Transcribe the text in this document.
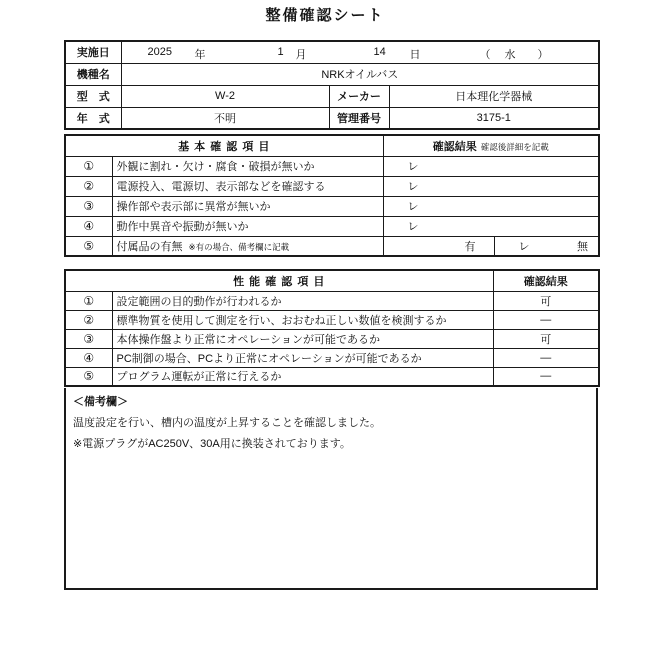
整備確認シート
実施日	2025 年	1 月	14 日	（ 水 ）

機種名	NRKオイルバス		
型　式	W-2	メーカー	日本理化学器械
年　式	不明	管理番号	3175-1
基 本 確 認 項 目		確認結果 確認後詳細を記載	
①	外観に割れ・欠け・腐食・破損が無いか	レ	
②	電源投入、電源切、表示部などを確認する	レ	
③	操作部や表示部に異常が無いか	レ	
④	動作中異音や振動が無いか	レ	
⑤	付属品の有無 ※有の場合、備考欄に記載	有	レ 無
性 能 確 認 項 目		確認結果
①	設定範囲の目的動作が行われるか	可
②	標準物質を使用して測定を行い、おおむね正しい数値を検測するか	―
③	本体操作盤より正常にオペレーションが可能であるか	可
④	PC制御の場合、PCより正常にオペレーションが可能であるか	―
⑤	プログラム運転が正常に行えるか	―
＜備考欄＞
温度設定を行い、槽内の温度が上昇することを確認しました。
※電源プラグがAC250V、30A用に換装されております。
